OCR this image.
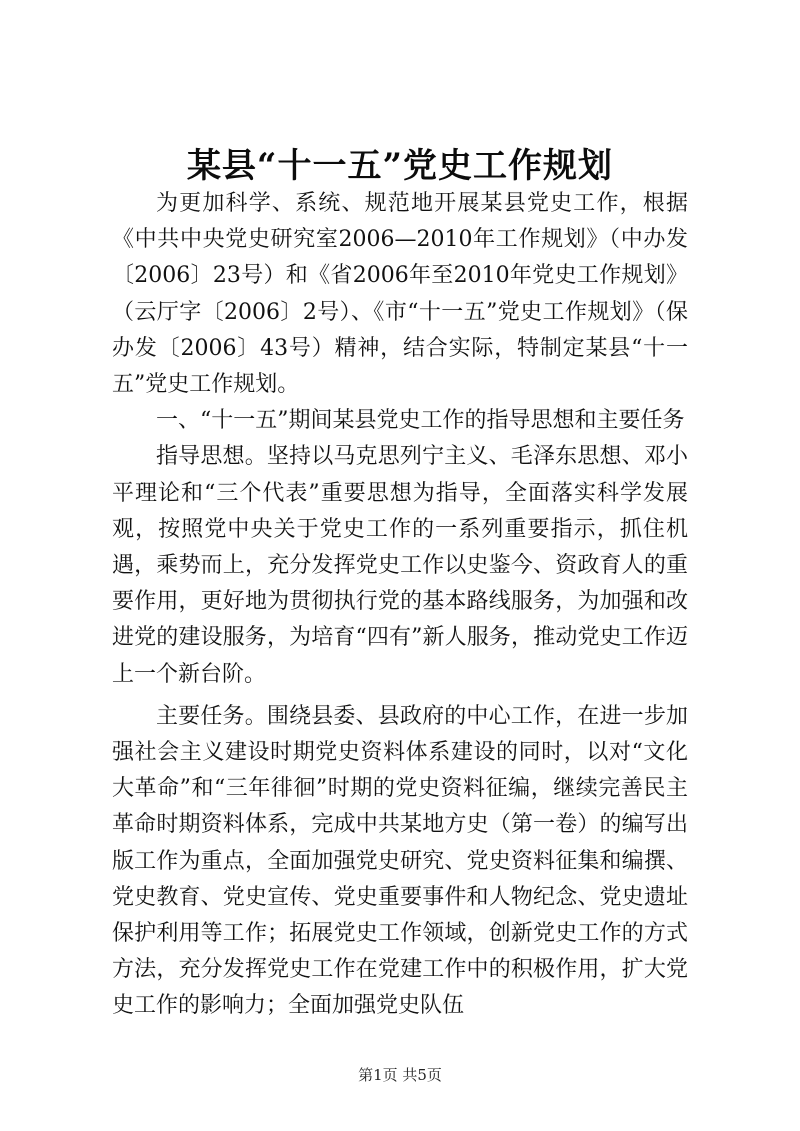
某县“十一五”党史工作规划

为更加科学、系统、规范地开展某县党史工作，根据《中共中央党史研究室2006—2010年工作规划》（中办发〔2006〕23号）和《省2006年至2010年党史工作规划》（云厅字〔2006〕2号）、《市“十一五”党史工作规划》（保办发〔2006〕43号）精神，结合实际，特制定某县“十一五”党史工作规划。

一、“十一五”期间某县党史工作的指导思想和主要任务

指导思想。坚持以马克思列宁主义、毛泽东思想、邓小平理论和“三个代表”重要思想为指导，全面落实科学发展观，按照党中央关于党史工作的一系列重要指示，抓住机遇，乘势而上，充分发挥党史工作以史鉴今、资政育人的重要作用，更好地为贯彻执行党的基本路线服务，为加强和改进党的建设服务，为培育“四有”新人服务，推动党史工作迈上一个新台阶。

主要任务。围绕县委、县政府的中心工作，在进一步加强社会主义建设时期党史资料体系建设的同时，以对“文化大革命”和“三年徘徊”时期的党史资料征编，继续完善民主革命时期资料体系，完成中共某地方史（第一卷）的编写出版工作为重点，全面加强党史研究、党史资料征集和编撰、党史教育、党史宣传、党史重要事件和人物纪念、党史遗址保护利用等工作；拓展党史工作领域，创新党史工作的方式方法，充分发挥党史工作在党建工作中的积极作用，扩大党史工作的影响力；全面加强党史队伍

第1页 共5页
